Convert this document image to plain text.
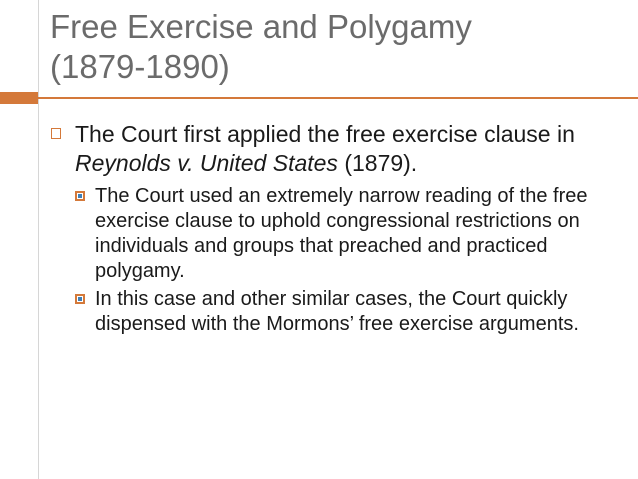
Free Exercise and Polygamy
(1879-1890)
The Court first applied the free exercise clause in Reynolds v. United States (1879).
The Court used an extremely narrow reading of the free exercise clause to uphold congressional restrictions on individuals and groups that preached and practiced polygamy.
In this case and other similar cases, the Court quickly dispensed with the Mormons’ free exercise arguments.
